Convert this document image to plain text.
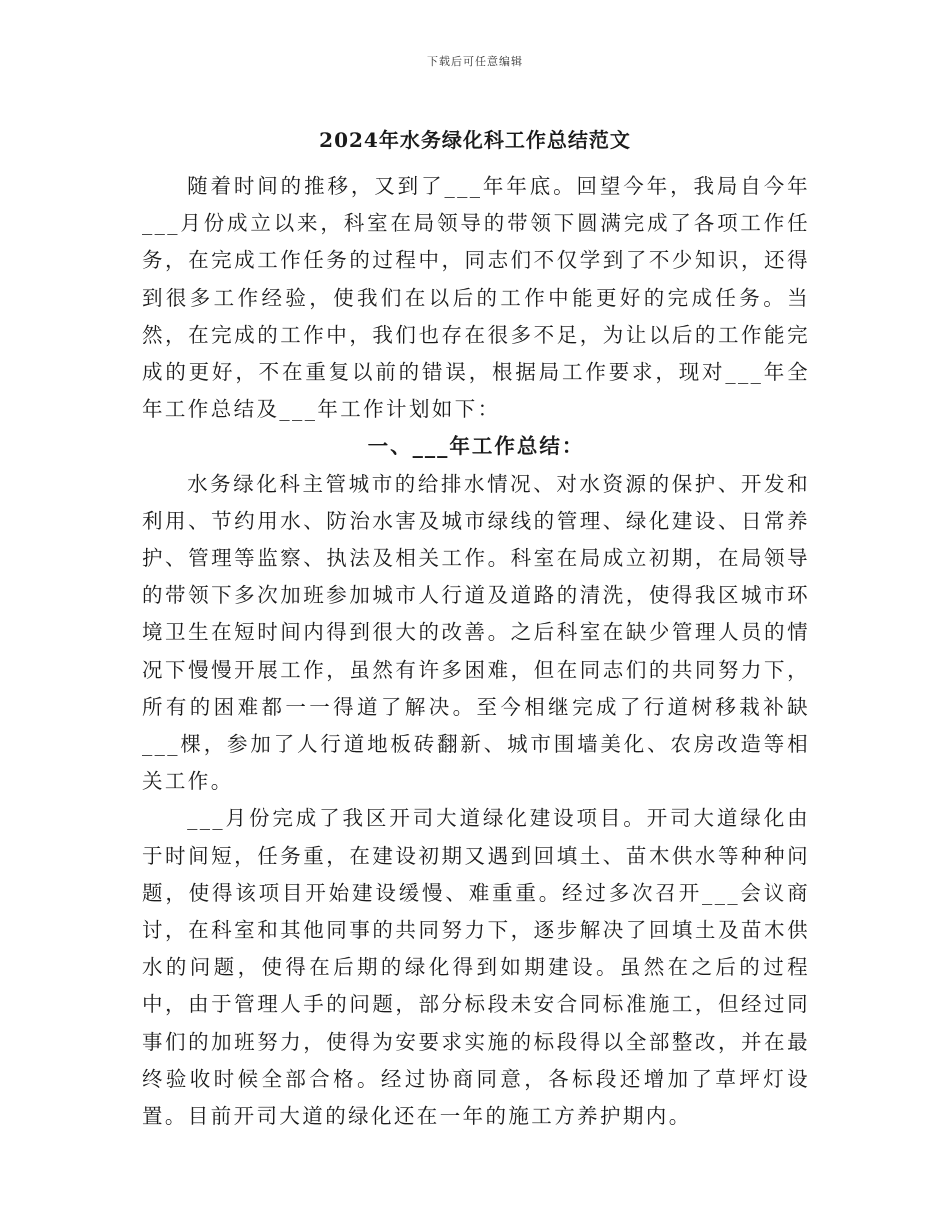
下载后可任意编辑
2024年水务绿化科工作总结范文

随着时间的推移，又到了___年年底。回望今年，我局自今年___月份成立以来，科室在局领导的带领下圆满完成了各项工作任务，在完成工作任务的过程中，同志们不仅学到了不少知识，还得到很多工作经验，使我们在以后的工作中能更好的完成任务。当然，在完成的工作中，我们也存在很多不足，为让以后的工作能完成的更好，不在重复以前的错误，根据局工作要求，现对___年全年工作总结及___年工作计划如下：

一、___年工作总结：

水务绿化科主管城市的给排水情况、对水资源的保护、开发和利用、节约用水、防治水害及城市绿线的管理、绿化建设、日常养护、管理等监察、执法及相关工作。科室在局成立初期，在局领导的带领下多次加班参加城市人行道及道路的清洗，使得我区城市环境卫生在短时间内得到很大的改善。之后科室在缺少管理人员的情况下慢慢开展工作，虽然有许多困难，但在同志们的共同努力下，所有的困难都一一得道了解决。至今相继完成了行道树移栽补缺___棵，参加了人行道地板砖翻新、城市围墙美化、农房改造等相关工作。

___月份完成了我区开司大道绿化建设项目。开司大道绿化由于时间短，任务重，在建设初期又遇到回填土、苗木供水等种种问题，使得该项目开始建设缓慢、难重重。经过多次召开___会议商讨，在科室和其他同事的共同努力下，逐步解决了回填土及苗木供水的问题，使得在后期的绿化得到如期建设。虽然在之后的过程中，由于管理人手的问题，部分标段未安合同标准施工，但经过同事们的加班努力，使得为安要求实施的标段得以全部整改，并在最终验收时候全部合格。经过协商同意，各标段还增加了草坪灯设置。目前开司大道的绿化还在一年的施工方养护期内。
